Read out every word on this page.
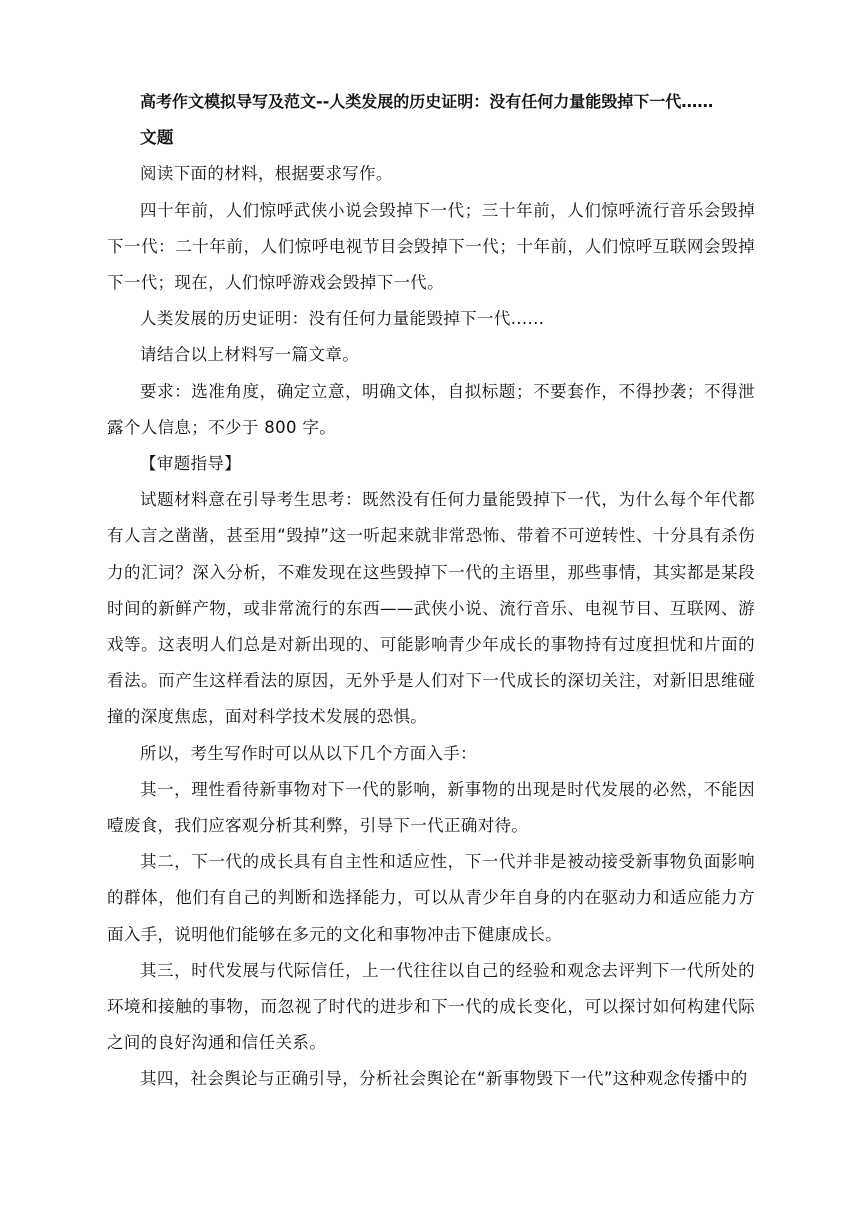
高考作文模拟导写及范文--人类发展的历史证明：没有任何力量能毁掉下一代……

文题

阅读下面的材料，根据要求写作。

四十年前，人们惊呼武侠小说会毁掉下一代；三十年前，人们惊呼流行音乐会毁掉下一代：二十年前，人们惊呼电视节目会毁掉下一代；十年前，人们惊呼互联网会毁掉下一代；现在，人们惊呼游戏会毁掉下一代。

人类发展的历史证明：没有任何力量能毁掉下一代......

请结合以上材料写一篇文章。

要求：选准角度，确定立意，明确文体，自拟标题；不要套作，不得抄袭；不得泄露个人信息；不少于 800 字。

【审题指导】

试题材料意在引导考生思考：既然没有任何力量能毁掉下一代，为什么每个年代都有人言之凿凿，甚至用“毁掉”这一听起来就非常恐怖、带着不可逆转性、十分具有杀伤力的汇词？深入分析，不难发现在这些毁掉下一代的主语里，那些事情，其实都是某段时间的新鲜产物，或非常流行的东西——武侠小说、流行音乐、电视节目、互联网、游戏等。这表明人们总是对新出现的、可能影响青少年成长的事物持有过度担忧和片面的看法。而产生这样看法的原因，无外乎是人们对下一代成长的深切关注，对新旧思维碰撞的深度焦虑，面对科学技术发展的恐惧。

所以，考生写作时可以从以下几个方面入手：

其一，理性看待新事物对下一代的影响，新事物的出现是时代发展的必然，不能因噎废食，我们应客观分析其利弊，引导下一代正确对待。

其二，下一代的成长具有自主性和适应性，下一代并非是被动接受新事物负面影响的群体，他们有自己的判断和选择能力，可以从青少年自身的内在驱动力和适应能力方面入手，说明他们能够在多元的文化和事物冲击下健康成长。

其三，时代发展与代际信任，上一代往往以自己的经验和观念去评判下一代所处的环境和接触的事物，而忽视了时代的进步和下一代的成长变化，可以探讨如何构建代际之间的良好沟通和信任关系。

其四，社会舆论与正确引导，分析社会舆论在“新事物毁下一代”这种观念传播中的
